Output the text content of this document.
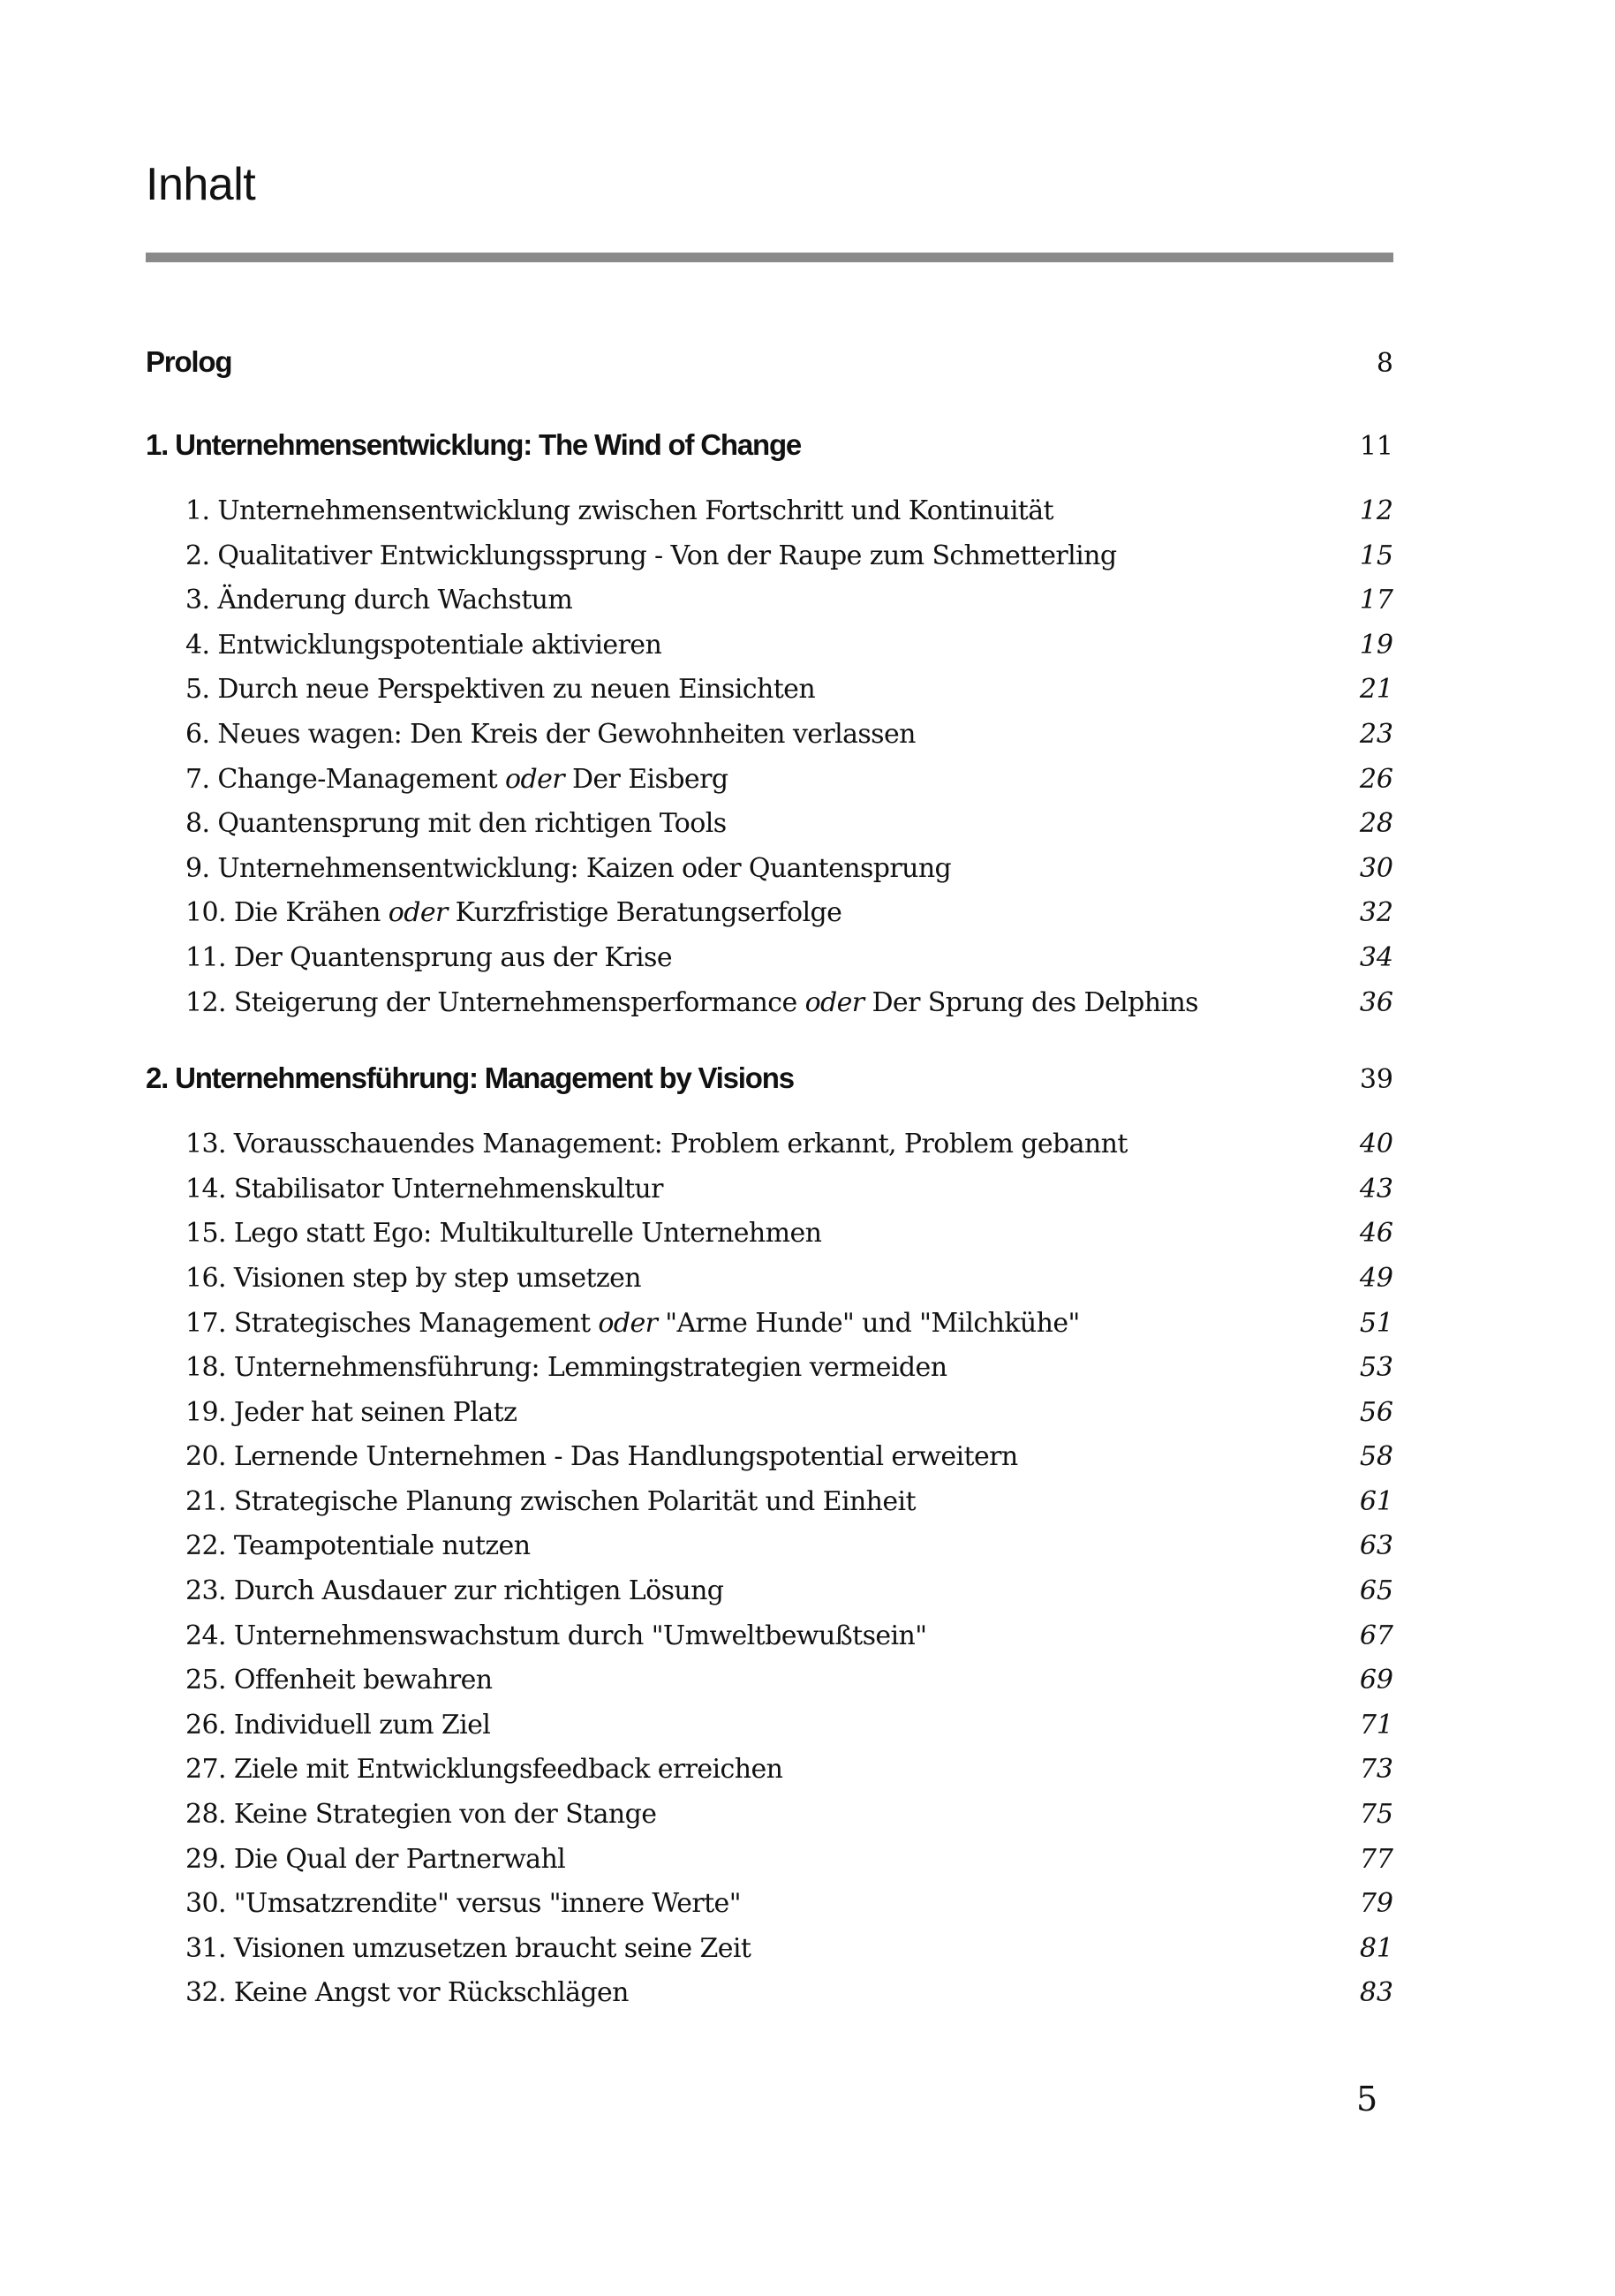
Inhalt
Prolog	8
1. Unternehmensentwicklung: The Wind of Change	11
1. Unternehmensentwicklung zwischen Fortschritt und Kontinuität	12
2. Qualitativer Entwicklungssprung - Von der Raupe zum Schmetterling	15
3. Änderung durch Wachstum	17
4. Entwicklungspotentiale aktivieren	19
5. Durch neue Perspektiven zu neuen Einsichten	21
6. Neues wagen: Den Kreis der Gewohnheiten verlassen	23
7. Change-Management oder Der Eisberg	26
8. Quantensprung mit den richtigen Tools	28
9. Unternehmensentwicklung: Kaizen oder Quantensprung	30
10. Die Krähen oder Kurzfristige Beratungserfolge	32
11. Der Quantensprung aus der Krise	34
12. Steigerung der Unternehmensperformance oder Der Sprung des Delphins	36
2. Unternehmensführung: Management by Visions	39
13. Vorausschauendes Management: Problem erkannt, Problem gebannt	40
14. Stabilisator Unternehmenskultur	43
15. Lego statt Ego: Multikulturelle Unternehmen	46
16. Visionen step by step umsetzen	49
17. Strategisches Management oder "Arme Hunde" und "Milchkühe"	51
18. Unternehmensführung: Lemmingstrategien vermeiden	53
19. Jeder hat seinen Platz	56
20. Lernende Unternehmen - Das Handlungspotential erweitern	58
21. Strategische Planung zwischen Polarität und Einheit	61
22. Teampotentiale nutzen	63
23. Durch Ausdauer zur richtigen Lösung	65
24. Unternehmenswachstum durch "Umweltbewußtsein"	67
25. Offenheit bewahren	69
26. Individuell zum Ziel	71
27. Ziele mit Entwicklungsfeedback erreichen	73
28. Keine Strategien von der Stange	75
29. Die Qual der Partnerwahl	77
30. "Umsatzrendite" versus "innere Werte"	79
31. Visionen umzusetzen braucht seine Zeit	81
32. Keine Angst vor Rückschlägen	83
5
